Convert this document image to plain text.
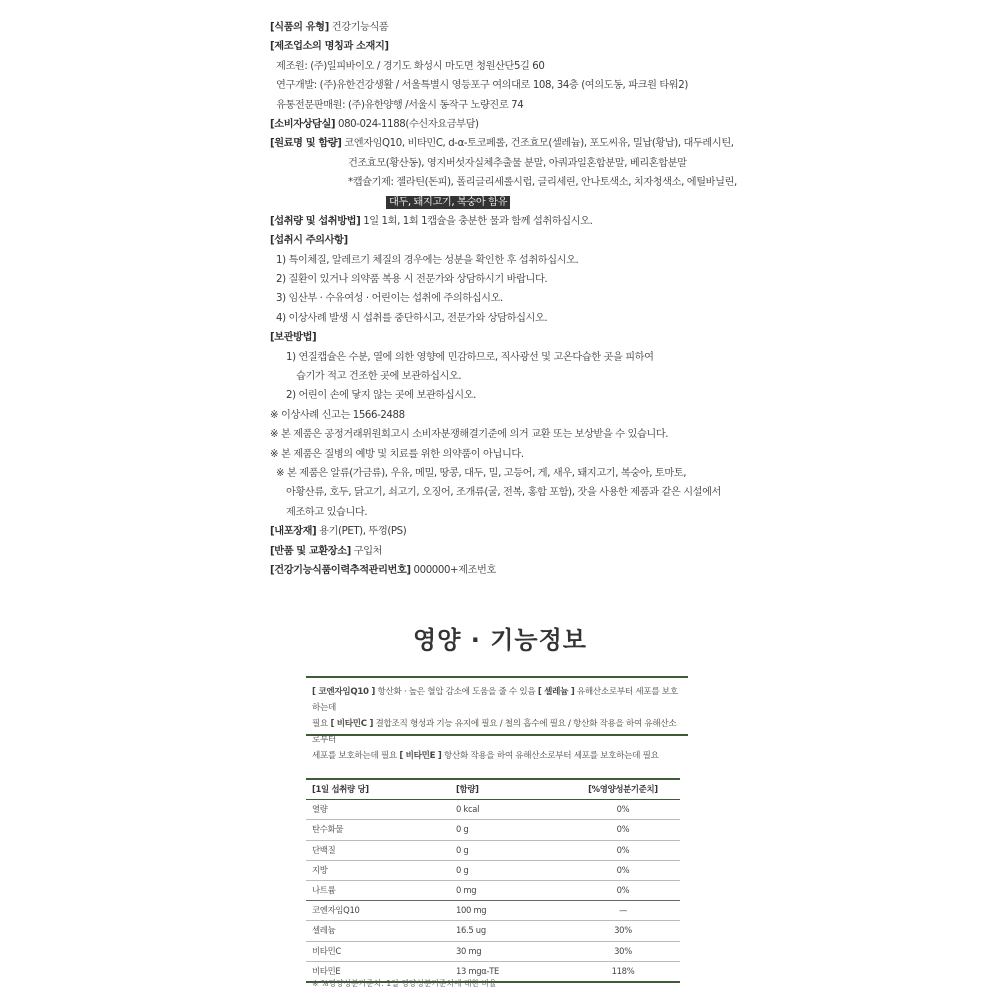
[식품의 유형] 건강기능식품
[제조업소의 명칭과 소재지]
제조원: (주)일피바이오 / 경기도 화성시 마도면 청원산단5길 60
연구개발: (주)유한건강생활 / 서울특별시 영등포구 여의대로 108, 34층 (여의도동, 파크원 타워2)
유통전문판매원: (주)유한양행 /서울시 동작구 노량진로 74
[소비자상담실] 080-024-1188(수신자요금부담)
[원료명 및 함량] 코엔자임Q10, 비타민C, d-α-토코페롤, 건조효모(셀레늄), 포도씨유, 밀납(황납), 대두레시틴,
건조효모(황산동), 영지버섯자실체추출물 분말, 아쿼과일혼합분말, 베리혼합분말
*캡슐기제: 젤라틴(돈피), 폴리글리세롤시럽, 글리세린, 안나토색소, 치자청색소, 에틸바닐린,
대두, 돼지고기, 복숭아 함유
[섭취량 및 섭취방법] 1일 1회, 1회 1캡슐을 충분한 물과 함께 섭취하십시오.
[섭취시 주의사항]
1) 특이체질, 알레르기 체질의 경우에는 성분을 확인한 후 섭취하십시오.
2) 질환이 있거나 의약품 복용 시 전문가와 상담하시기 바랍니다.
3) 임산부 · 수유여성 · 어린이는 섭취에 주의하십시오.
4) 이상사례 발생 시 섭취를 중단하시고, 전문가와 상담하십시오.
[보관방법]
1) 연질캡슐은 수분, 열에 의한 영향에 민감하므로, 직사광선 및 고온다습한 곳을 피하여
습기가 적고 건조한 곳에 보관하십시오.
2) 어린이 손에 닿지 않는 곳에 보관하십시오.
※ 이상사례 신고는 1566-2488
※ 본 제품은 공정거래위원회고시 소비자분쟁해결기준에 의거 교환 또는 보상받을 수 있습니다.
※ 본 제품은 질병의 예방 및 치료를 위한 의약품이 아닙니다.
※ 본 제품은 알류(가금류), 우유, 메밀, 땅콩, 대두, 밀, 고등어, 게, 새우, 돼지고기, 복숭아, 토마토,
아황산류, 호두, 닭고기, 쇠고기, 오징어, 조개류(굴, 전복, 홍합 포함), 잣을 사용한 제품과 같은 시설에서
제조하고 있습니다.
[내포장재] 용기(PET), 뚜껑(PS)
[반품 및 교환장소] 구입처
[건강기능식품이력추적관리번호] 000000+제조번호
영양 · 기능정보
[ 코엔자임Q10 ] 항산화 · 높은 혈압 감소에 도움을 줄 수 있음 [ 셀레늄 ] 유해산소로부터 세포를 보호하는데
필요 [ 비타민C ] 결합조직 형성과 기능 유지에 필요 / 철의 흡수에 필요 / 항산화 작용을 하여 유해산소로부터
세포를 보호하는데 필요 [ 비타민E ] 항산화 작용을 하여 유해산소로부터 세포를 보호하는데 필요
[1일 섭취량 당]	[함량]	[%영양성분기준치]
열량	0 kcal	0%
탄수화물	0 g	0%
단백질	0 g	0%
지방	0 g	0%
나트륨	0 mg	0%
코엔자임Q10	100 mg	—
셀레늄	16.5 ug	30%
비타민C	30 mg	30%
비타민E	13 mgα-TE	118%
※ %영양성분기준치: 1일 영양성분기준치에 대한 비율
